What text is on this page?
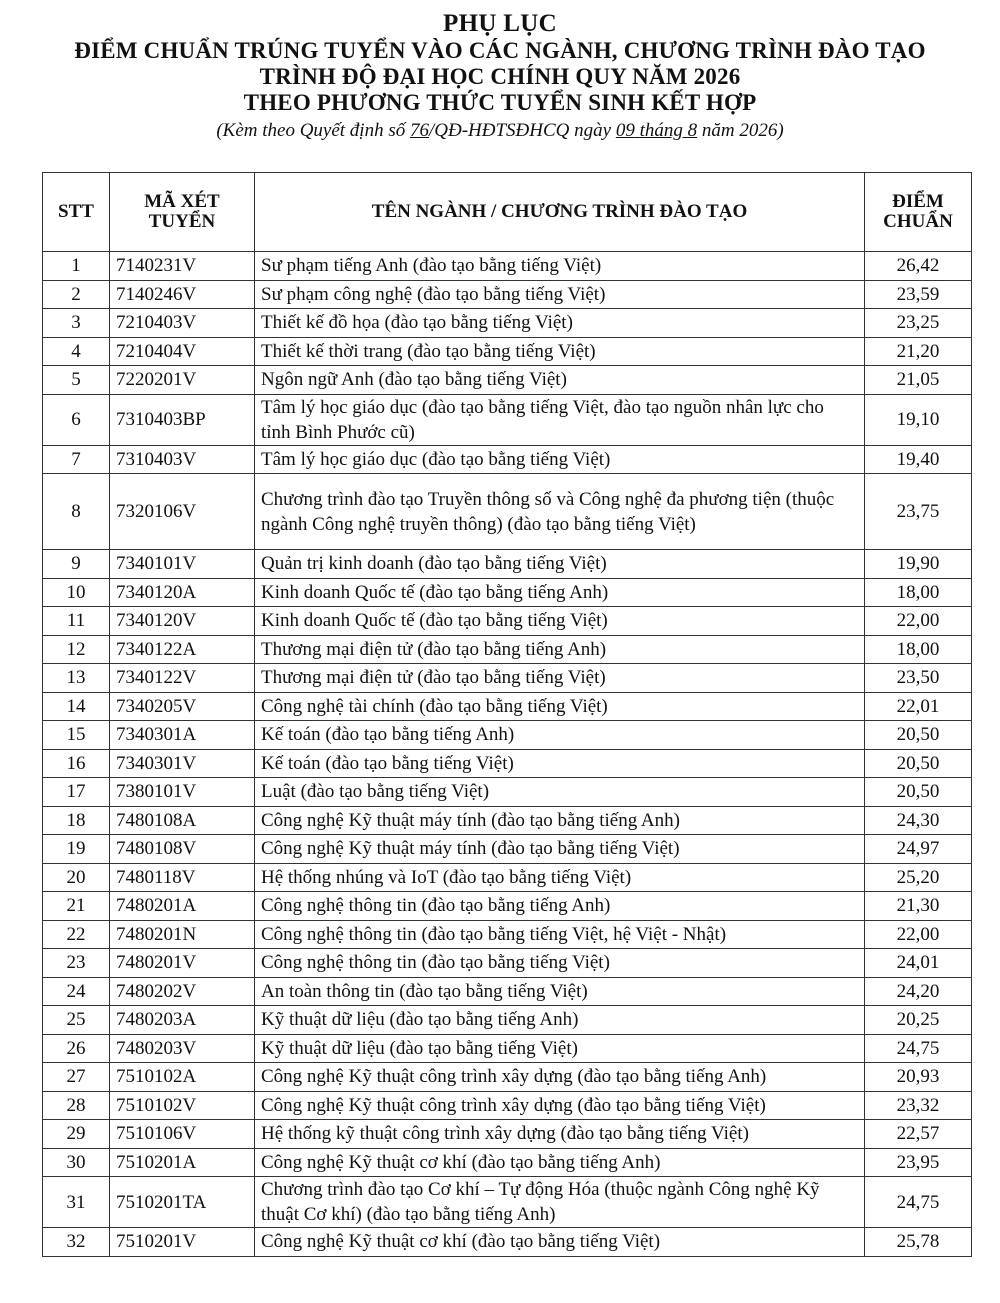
PHỤ LỤC
ĐIỂM CHUẨN TRÚNG TUYỂN VÀO CÁC NGÀNH, CHƯƠNG TRÌNH ĐÀO TẠO
TRÌNH ĐỘ ĐẠI HỌC CHÍNH QUY NĂM 2026
THEO PHƯƠNG THỨC TUYỂN SINH KẾT HỢP
(Kèm theo Quyết định số 76/QĐ-HĐTSĐHCQ ngày 09 tháng 8 năm 2026)
STT	MÃ XÉT TUYỂN	TÊN NGÀNH / CHƯƠNG TRÌNH ĐÀO TẠO	ĐIỂM CHUẨN
1	7140231V	Sư phạm tiếng Anh (đào tạo bằng tiếng Việt)	26,42
2	7140246V	Sư phạm công nghệ (đào tạo bằng tiếng Việt)	23,59
3	7210403V	Thiết kế đồ họa (đào tạo bằng tiếng Việt)	23,25
4	7210404V	Thiết kế thời trang (đào tạo bằng tiếng Việt)	21,20
5	7220201V	Ngôn ngữ Anh (đào tạo bằng tiếng Việt)	21,05
6	7310403BP	Tâm lý học giáo dục (đào tạo bằng tiếng Việt, đào tạo nguồn nhân lực cho tỉnh Bình Phước cũ)	19,10
7	7310403V	Tâm lý học giáo dục (đào tạo bằng tiếng Việt)	19,40
8	7320106V	Chương trình đào tạo Truyền thông số và Công nghệ đa phương tiện (thuộc ngành Công nghệ truyền thông) (đào tạo bằng tiếng Việt)	23,75
9	7340101V	Quản trị kinh doanh (đào tạo bằng tiếng Việt)	19,90
10	7340120A	Kinh doanh Quốc tế (đào tạo bằng tiếng Anh)	18,00
11	7340120V	Kinh doanh Quốc tế (đào tạo bằng tiếng Việt)	22,00
12	7340122A	Thương mại điện tử (đào tạo bằng tiếng Anh)	18,00
13	7340122V	Thương mại điện tử (đào tạo bằng tiếng Việt)	23,50
14	7340205V	Công nghệ tài chính (đào tạo bằng tiếng Việt)	22,01
15	7340301A	Kế toán (đào tạo bằng tiếng Anh)	20,50
16	7340301V	Kế toán (đào tạo bằng tiếng Việt)	20,50
17	7380101V	Luật (đào tạo bằng tiếng Việt)	20,50
18	7480108A	Công nghệ Kỹ thuật máy tính (đào tạo bằng tiếng Anh)	24,30
19	7480108V	Công nghệ Kỹ thuật máy tính (đào tạo bằng tiếng Việt)	24,97
20	7480118V	Hệ thống nhúng và IoT (đào tạo bằng tiếng Việt)	25,20
21	7480201A	Công nghệ thông tin (đào tạo bằng tiếng Anh)	21,30
22	7480201N	Công nghệ thông tin (đào tạo bằng tiếng Việt, hệ Việt - Nhật)	22,00
23	7480201V	Công nghệ thông tin (đào tạo bằng tiếng Việt)	24,01
24	7480202V	An toàn thông tin (đào tạo bằng tiếng Việt)	24,20
25	7480203A	Kỹ thuật dữ liệu (đào tạo bằng tiếng Anh)	20,25
26	7480203V	Kỹ thuật dữ liệu (đào tạo bằng tiếng Việt)	24,75
27	7510102A	Công nghệ Kỹ thuật công trình xây dựng (đào tạo bằng tiếng Anh)	20,93
28	7510102V	Công nghệ Kỹ thuật công trình xây dựng (đào tạo bằng tiếng Việt)	23,32
29	7510106V	Hệ thống kỹ thuật công trình xây dựng (đào tạo bằng tiếng Việt)	22,57
30	7510201A	Công nghệ Kỹ thuật cơ khí (đào tạo bằng tiếng Anh)	23,95
31	7510201TA	Chương trình đào tạo Cơ khí – Tự động Hóa (thuộc ngành Công nghệ Kỹ thuật Cơ khí) (đào tạo bằng tiếng Anh)	24,75
32	7510201V	Công nghệ Kỹ thuật cơ khí (đào tạo bằng tiếng Việt)	25,78
